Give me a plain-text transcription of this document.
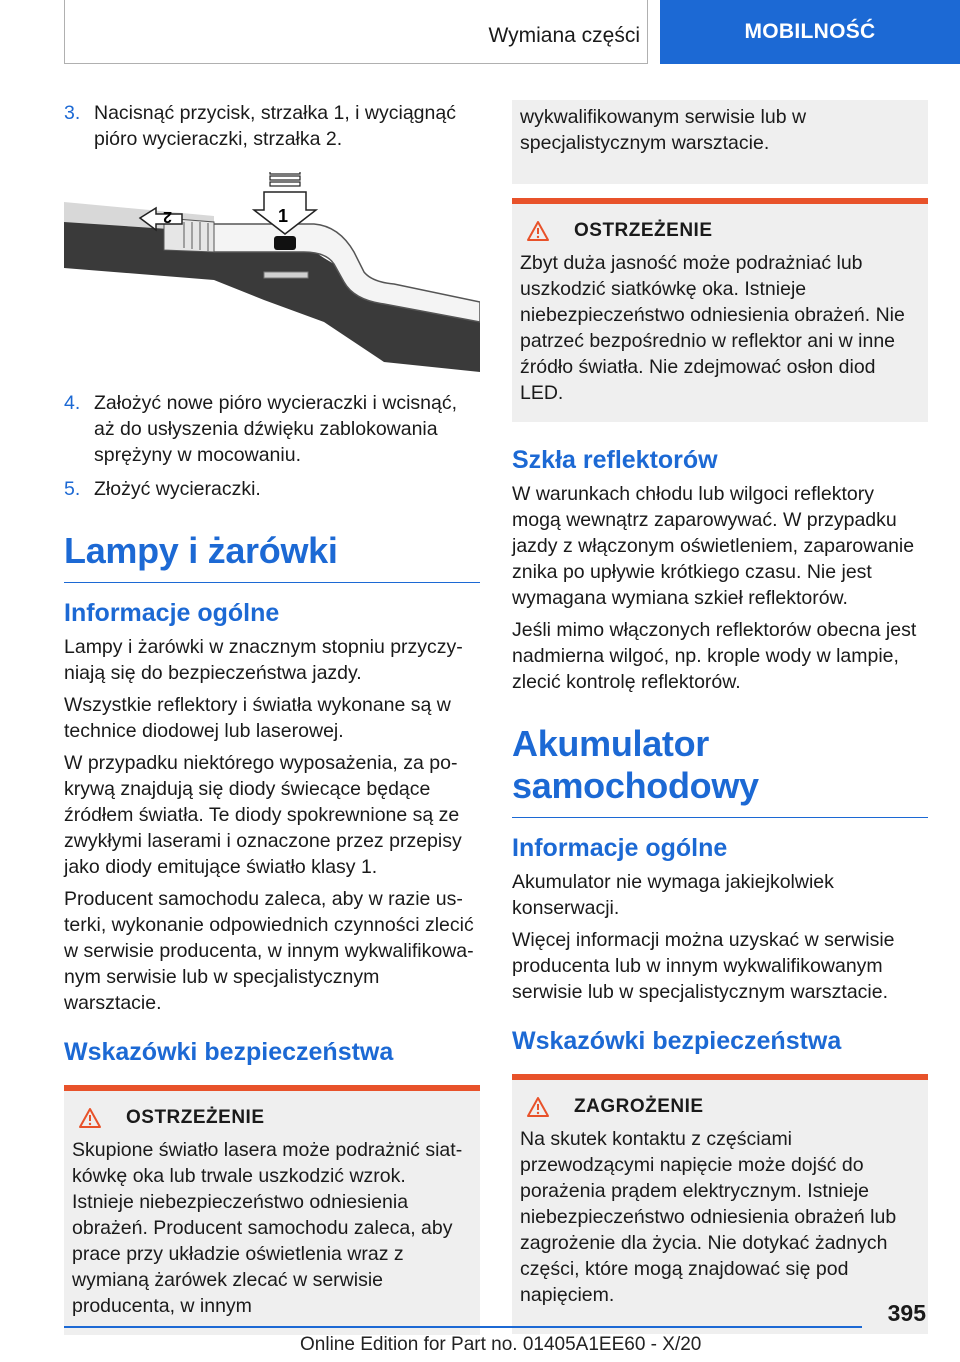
Wymiana części	MOBILNOŚĆ
3. Nacisnąć przycisk, strzałka 1, i wyciągnąć pióro wycieraczki, strzałka 2.
1
2
4. Założyć nowe pióro wycieraczki i wcisnąć, aż do usłyszenia dźwięku zablokowania sprężyny w mocowaniu.
5. Złożyć wycieraczki.
Lampy i żarówki
Informacje ogólne

Lampy i żarówki w znacznym stopniu przyczyniają się do bezpieczeństwa jazdy.

Wszystkie reflektory i światła wykonane są w technice diodowej lub laserowej.

W przypadku niektórego wyposażenia, za pokrywą znajdują się diody świecące będące źródłem światła. Te diody spokrewnione są ze zwykłymi laserami i oznaczone przez przepisy jako diody emitujące światło klasy 1.

Producent samochodu zaleca, aby w razie usterki, wykonanie odpowiednich czynności zlecić w serwisie producenta, w innym wykwalifikowanym serwisie lub w specjalistycznym warsztacie.

Wskazówki bezpieczeństwa
OSTRZEŻENIE

Skupione światło lasera może podrażnić siatkówkę oka lub trwale uszkodzić wzrok. Istnieje niebezpieczeństwo odniesienia obrażeń. Producent samochodu zaleca, aby prace przy układzie oświetlenia wraz z wymianą żarówek zlecać w serwisie producenta, w innym

wykwalifikowanym serwisie lub w specjalistycznym warsztacie.

OSTRZEŻENIE

Zbyt duża jasność może podrażniać lub uszkodzić siatkówkę oka. Istnieje niebezpieczeństwo odniesienia obrażeń. Nie patrzeć bezpośrednio w reflektor ani w inne źródło światła. Nie zdejmować osłon diod LED.

Szkła reflektorów

W warunkach chłodu lub wilgoci reflektory mogą wewnątrz zaparowywać. W przypadku jazdy z włączonym oświetleniem, zaparowanie znika po upływie krótkiego czasu. Nie jest wymagana wymiana szkieł reflektorów.

Jeśli mimo włączonych reflektorów obecna jest nadmierna wilgoć, np. krople wody w lampie, zlecić kontrolę reflektorów.

Akumulator samochodowy
Informacje ogólne

Akumulator nie wymaga jakiejkolwiek konserwacji.

Więcej informacji można uzyskać w serwisie producenta lub w innym wykwalifikowanym serwisie lub w specjalistycznym warsztacie.

Wskazówki bezpieczeństwa
ZAGROŻENIE

Na skutek kontaktu z częściami przewodzącymi napięcie może dojść do porażenia prądem elektrycznym. Istnieje niebezpieczeństwo odniesienia obrażeń lub zagrożenie dla życia. Nie dotykać żadnych części, które mogą znajdować się pod napięciem.

395
Online Edition for Part no. 01405A1EE60 - X/20
